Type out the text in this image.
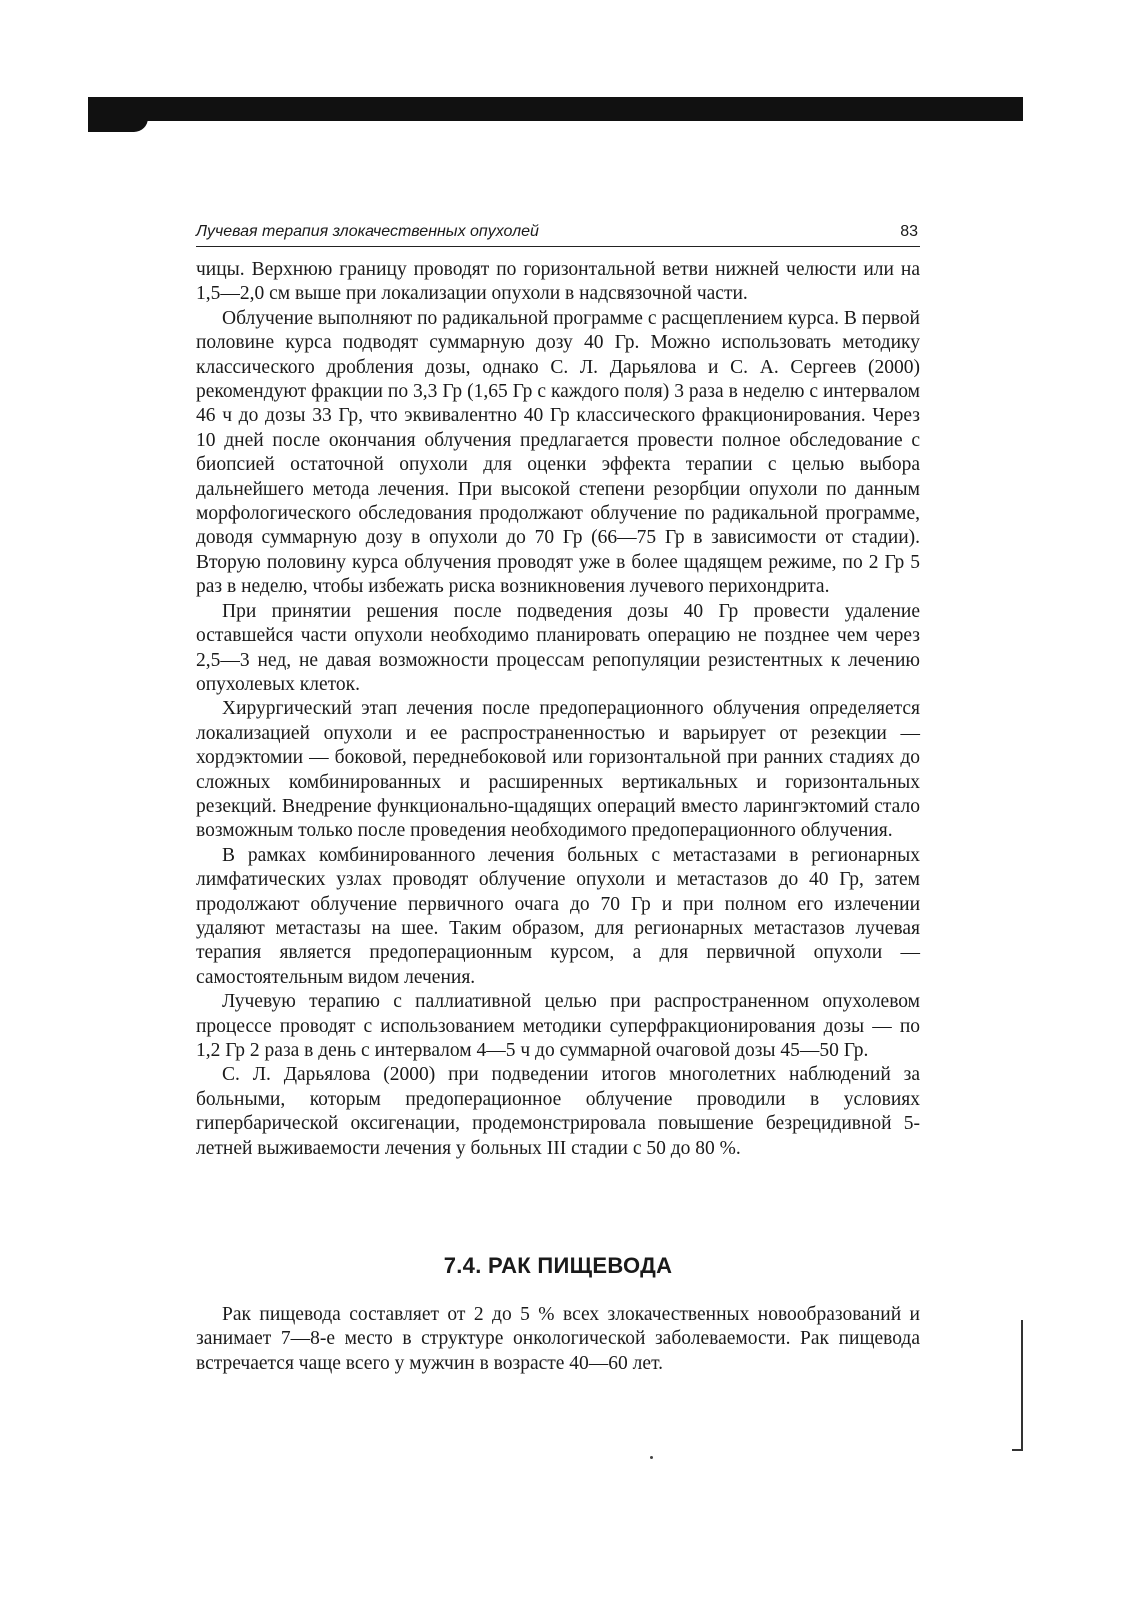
Лучевая терапия злокачественных опухолей	83

чицы. Верхнюю границу проводят по горизонтальной ветви нижней челюсти или на 1,5—2,0 см выше при локализации опухоли в надсвязочной части.

Облучение выполняют по радикальной программе с расщеплением курса. В первой половине курса подводят суммарную дозу 40 Гр. Можно использовать методику классического дробления дозы, однако С. Л. Дарьялова и С. А. Сергеев (2000) рекомендуют фракции по 3,3 Гр (1,65 Гр с каждого поля) 3 раза в неделю с интервалом 46 ч до дозы 33 Гр, что эквивалентно 40 Гр классического фракционирования. Через 10 дней после окончания облучения предлагается провести полное обследование с биопсией остаточной опухоли для оценки эффекта терапии с целью выбора дальнейшего метода лечения. При высокой степени резорбции опухоли по данным морфологического обследования продолжают облучение по радикальной программе, доводя суммарную дозу в опухоли до 70 Гр (66—75 Гр в зависимости от стадии). Вторую половину курса облучения проводят уже в более щадящем режиме, по 2 Гр 5 раз в неделю, чтобы избежать риска возникновения лучевого перихондрита.

При принятии решения после подведения дозы 40 Гр провести удаление оставшейся части опухоли необходимо планировать операцию не позднее чем через 2,5—3 нед, не давая возможности процессам репопуляции резистентных к лечению опухолевых клеток.

Хирургический этап лечения после предоперационного облучения определяется локализацией опухоли и ее распространенностью и варьирует от резекции — хордэктомии — боковой, переднебоковой или горизонтальной при ранних стадиях до сложных комбинированных и расширенных вертикальных и горизонтальных резекций. Внедрение функционально-щадящих операций вместо ларингэктомий стало возможным только после проведения необходимого предоперационного облучения.

В рамках комбинированного лечения больных с метастазами в регионарных лимфатических узлах проводят облучение опухоли и метастазов до 40 Гр, затем продолжают облучение первичного очага до 70 Гр и при полном его излечении удаляют метастазы на шее. Таким образом, для регионарных метастазов лучевая терапия является предоперационным курсом, а для первичной опухоли — самостоятельным видом лечения.

Лучевую терапию с паллиативной целью при распространенном опухолевом процессе проводят с использованием методики суперфракционирования дозы — по 1,2 Гр 2 раза в день с интервалом 4—5 ч до суммарной очаговой дозы 45—50 Гр.

С. Л. Дарьялова (2000) при подведении итогов многолетних наблюдений за больными, которым предоперационное облучение проводили в условиях гипербарической оксигенации, продемонстрировала повышение безрецидивной 5-летней выживаемости лечения у больных III стадии с 50 до 80 %.

7.4. РАК ПИЩЕВОДА

Рак пищевода составляет от 2 до 5 % всех злокачественных новообразований и занимает 7—8-е место в структуре онкологической заболеваемости. Рак пищевода встречается чаще всего у мужчин в возрасте 40—60 лет.
